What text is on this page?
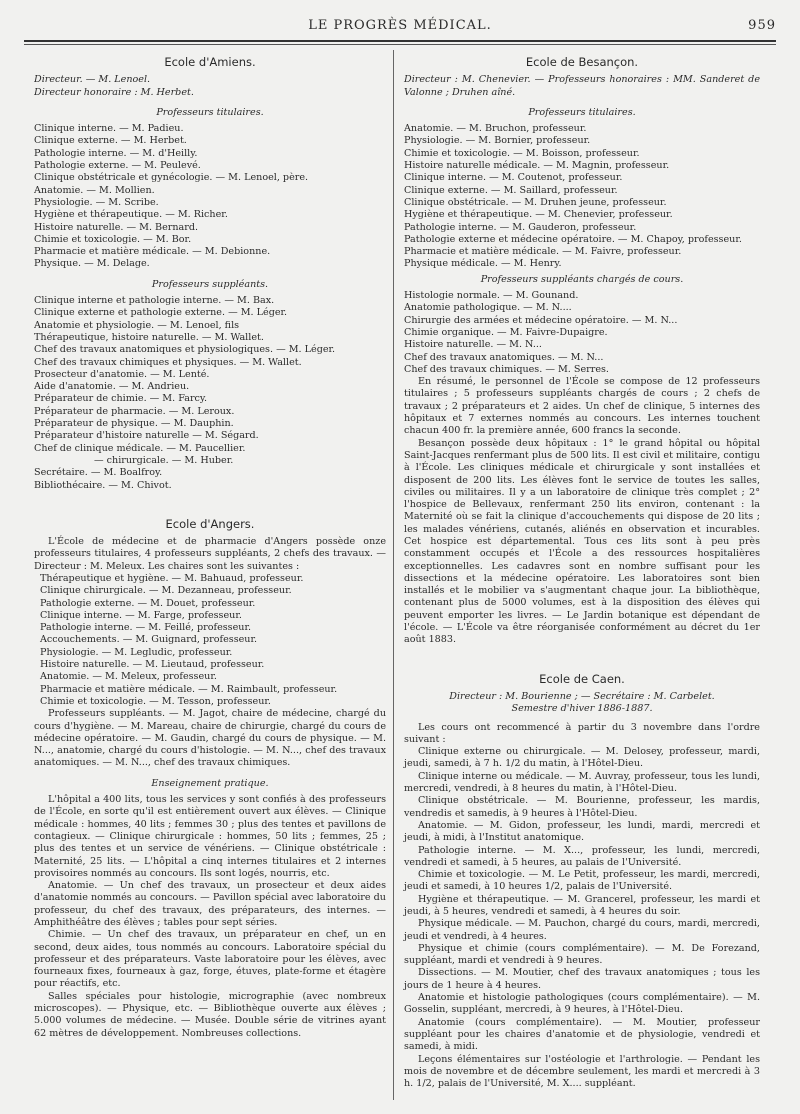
LE PROGRÈS MÉDICAL.	959
Ecole d'Amiens.
Directeur. — M. Lenoel.
Directeur honoraire : M. Herbet.
Professeurs titulaires.
Clinique interne. — M. Padieu.
Clinique externe. — M. Herbet.
Pathologie interne. — M. d'Heilly.
Pathologie externe. — M. Peulevé.
Clinique obstétricale et gynécologie. — M. Lenoel, père.
Anatomie. — M. Mollien.
Physiologie. — M. Scribe.
Hygiène et thérapeutique. — M. Richer.
Histoire naturelle. — M. Bernard.
Chimie et toxicologie. — M. Bor.
Pharmacie et matière médicale. — M. Debionne.
Physique. — M. Delage.
Professeurs suppléants.
Clinique interne et pathologie interne. — M. Bax.
Clinique externe et pathologie externe. — M. Léger.
Anatomie et physiologie. — M. Lenoel, fils
Thérapeutique, histoire naturelle. — M. Wallet.
Chef des travaux anatomiques et physiologiques. — M. Léger.
Chef des travaux chimiques et physiques. — M. Wallet.
Prosecteur d'anatomie. — M. Lenté.
Aide d'anatomie. — M. Andrieu.
Préparateur de chimie. — M. Farcy.
Préparateur de pharmacie. — M. Leroux.
Préparateur de physique. — M. Dauphin.
Préparateur d'histoire naturelle — M. Ségard.
Chef de clinique médicale. — M. Paucellier.
— chirurgicale. — M. Huber.
Secrétaire. — M. Boalfroy.
Bibliothécaire. — M. Chivot.
Ecole d'Angers.
L'École de médecine et de pharmacie d'Angers possède onze professeurs titulaires, 4 professeurs suppléants, 2 chefs des travaux. — Directeur : M. Meleux. Les chaires sont les suivantes :
Thérapeutique et hygiène. — M. Bahuaud, professeur.
Clinique chirurgicale. — M. Dezanneau, professeur.
Pathologie externe. — M. Douet, professeur.
Clinique interne. — M. Farge, professeur.
Pathologie interne. — M. Feillé, professeur.
Accouchements. — M. Guignard, professeur.
Physiologie. — M. Legludic, professeur.
Histoire naturelle. — M. Lieutaud, professeur.
Anatomie. — M. Meleux, professeur.
Pharmacie et matière médicale. — M. Raimbault, professeur.
Chimie et toxicologie. — M. Tesson, professeur.
Professeurs suppléants. — M. Jagot, chaire de médecine, chargé du cours d'hygiène. — M. Mareau, chaire de chirurgie, chargé du cours de médecine opératoire. — M. Gaudin, chargé du cours de physique. — M. N..., anatomie, chargé du cours d'histologie. — M. N..., chef des travaux anatomiques. — M. N..., chef des travaux chimiques.
Enseignement pratique.
L'hôpital a 400 lits, tous les services y sont confiés à des professeurs de l'École, en sorte qu'il est entièrement ouvert aux élèves. — Clinique médicale : hommes, 40 lits ; femmes 30 ; plus des tentes et pavillons de contagieux. — Clinique chirurgicale : hommes, 50 lits ; femmes, 25 ; plus des tentes et un service de vénériens. — Clinique obstétricale : Maternité, 25 lits. — L'hôpital a cinq internes titulaires et 2 internes provisoires nommés au concours. Ils sont logés, nourris, etc.
Anatomie. — Un chef des travaux, un prosecteur et deux aides d'anatomie nommés au concours. — Pavillon spécial avec laboratoire du professeur, du chef des travaux, des préparateurs, des internes. — Amphithéâtre des élèves ; tables pour sept séries.
Chimie. — Un chef des travaux, un préparateur en chef, un en second, deux aides, tous nommés au concours. Laboratoire spécial du professeur et des préparateurs. Vaste laboratoire pour les élèves, avec fourneaux fixes, fourneaux à gaz, forge, étuves, plate-forme et étagère pour réactifs, etc.
Salles spéciales pour histologie, micrographie (avec nombreux microscopes). — Physique, etc. — Bibliothèque ouverte aux élèves ; 5.000 volumes de médecine. — Musée. Double série de vitrines ayant 62 mètres de développement. Nombreuses collections.
Ecole de Besançon.
Directeur : M. Chenevier. — Professeurs honoraires : MM. Sanderet de Valonne ; Druhen aîné.
Professeurs titulaires.
Anatomie. — M. Bruchon, professeur.
Physiologie. — M. Bornier, professeur.
Chimie et toxicologie. — M. Boisson, professeur.
Histoire naturelle médicale. — M. Magnin, professeur.
Clinique interne. — M. Coutenot, professeur.
Clinique externe. — M. Saillard, professeur.
Clinique obstétricale. — M. Druhen jeune, professeur.
Hygiène et thérapeutique. — M. Chenevier, professeur.
Pathologie interne. — M. Gauderon, professeur.
Pathologie externe et médecine opératoire. — M. Chapoy, professeur.
Pharmacie et matière médicale. — M. Faivre, professeur.
Physique médicale. — M. Henry.
Professeurs suppléants chargés de cours.
Histologie normale. — M. Gounand.
Anatomie pathologique. — M. N....
Chirurgie des armées et médecine opératoire. — M. N...
Chimie organique. — M. Faivre-Dupaigre.
Histoire naturelle. — M. N...
Chef des travaux anatomiques. — M. N...
Chef des travaux chimiques. — M. Serres.
En résumé, le personnel de l'École se compose de 12 professeurs titulaires ; 5 professeurs suppléants chargés de cours ; 2 chefs de travaux ; 2 préparateurs et 2 aides. Un chef de clinique, 5 internes des hôpitaux et 7 externes nommés au concours. Les internes touchent chacun 400 fr. la première année, 600 francs la seconde.
Besançon possède deux hôpitaux : 1° le grand hôpital ou hôpital Saint-Jacques renfermant plus de 500 lits. Il est civil et militaire, contigu à l'École. Les cliniques médicale et chirurgicale y sont installées et disposent de 200 lits. Les élèves font le service de toutes les salles, civiles ou militaires. Il y a un laboratoire de clinique très complet ; 2° l'hospice de Bellevaux, renfermant 250 lits environ, contenant : la Maternité où se fait la clinique d'accouchements qui dispose de 20 lits ; les malades vénériens, cutanés, aliénés en observation et incurables. Cet hospice est départemental. Tous ces lits sont à peu près constamment occupés et l'École a des ressources hospitalières exceptionnelles. Les cadavres sont en nombre suffisant pour les dissections et la médecine opératoire. Les laboratoires sont bien installés et le mobilier va s'augmentant chaque jour. La bibliothèque, contenant plus de 5000 volumes, est à la disposition des élèves qui peuvent emporter les livres. — Le Jardin botanique est dépendant de l'école. — L'École va être réorganisée conformément au décret du 1er août 1883.
Ecole de Caen.
Directeur : M. Bourienne ; — Secrétaire : M. Carbelet.
Semestre d'hiver 1886-1887.
Les cours ont recommencé à partir du 3 novembre dans l'ordre suivant :
Clinique externe ou chirurgicale. — M. Delosey, professeur, mardi, jeudi, samedi, à 7 h. 1/2 du matin, à l'Hôtel-Dieu.
Clinique interne ou médicale. — M. Auvray, professeur, tous les lundi, mercredi, vendredi, à 8 heures du matin, à l'Hôtel-Dieu.
Clinique obstétricale. — M. Bourienne, professeur, les mardis, vendredis et samedis, à 9 heures à l'Hôtel-Dieu.
Anatomie. — M. Gidon, professeur, les lundi, mardi, mercredi et jeudi, à midi, à l'Institut anatomique.
Pathologie interne. — M. X..., professeur, les lundi, mercredi, vendredi et samedi, à 5 heures, au palais de l'Université.
Chimie et toxicologie. — M. Le Petit, professeur, les mardi, mercredi, jeudi et samedi, à 10 heures 1/2, palais de l'Université.
Hygiène et thérapeutique. — M. Grancerel, professeur, les mardi et jeudi, à 5 heures, vendredi et samedi, à 4 heures du soir.
Physique médicale. — M. Pauchon, chargé du cours, mardi, mercredi, jeudi et vendredi, à 4 heures.
Physique et chimie (cours complémentaire). — M. De Forezand, suppléant, mardi et vendredi à 9 heures.
Dissections. — M. Moutier, chef des travaux anatomiques ; tous les jours de 1 heure à 4 heures.
Anatomie et histologie pathologiques (cours complémentaire). — M. Gosselin, suppléant, mercredi, à 9 heures, à l'Hôtel-Dieu.
Anatomie (cours complémentaire). — M. Moutier, professeur suppléant pour les chaires d'anatomie et de physiologie, vendredi et samedi, à midi.
Leçons élémentaires sur l'ostéologie et l'arthrologie. — Pendant les mois de novembre et de décembre seulement, les mardi et mercredi à 3 h. 1/2, palais de l'Université, M. X.... suppléant.
